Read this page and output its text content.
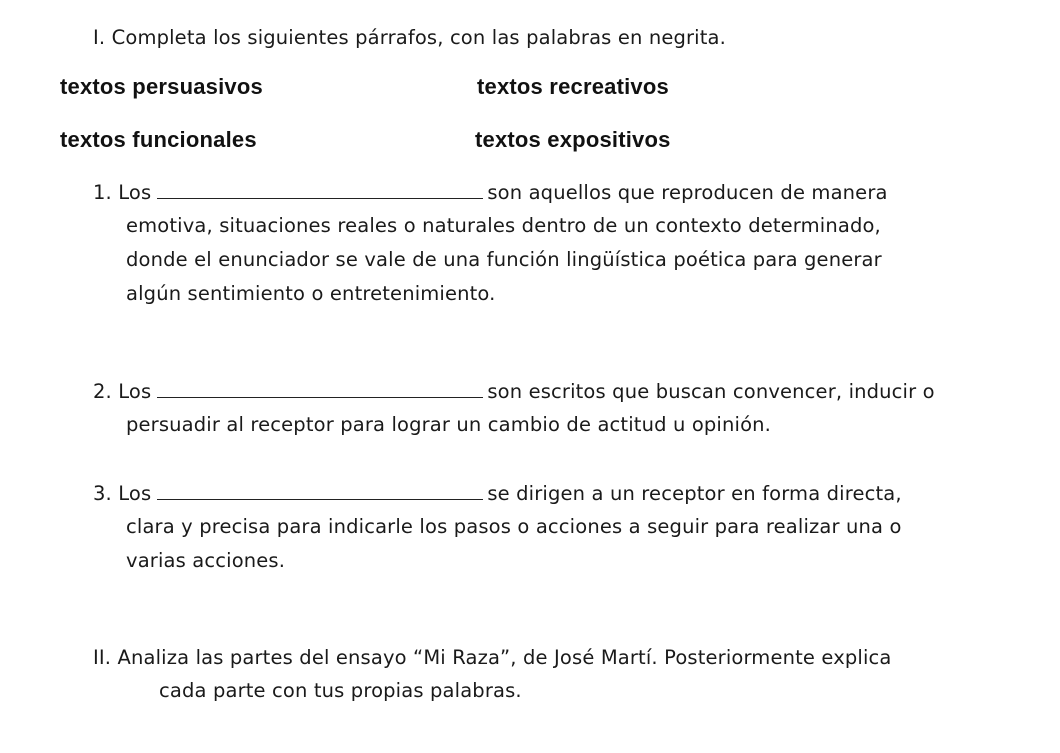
I. Completa los siguientes párrafos, con las palabras en negrita.
textos persuasivos	textos recreativos
textos funcionales	textos expositivos
1. Los	son aquellos que reproducen de manera
emotiva, situaciones reales o naturales dentro de un contexto determinado,
donde el enunciador se vale de una función lingüística poética para generar
algún sentimiento o entretenimiento.
2. Los	son escritos que buscan convencer, inducir o
persuadir al receptor para lograr un cambio de actitud u opinión.
3. Los	se dirigen a un receptor en forma directa,
clara y precisa para indicarle los pasos o acciones a seguir para realizar una o
varias acciones.
II. Analiza las partes del ensayo “Mi Raza”, de José Martí. Posteriormente explica
cada parte con tus propias palabras.
